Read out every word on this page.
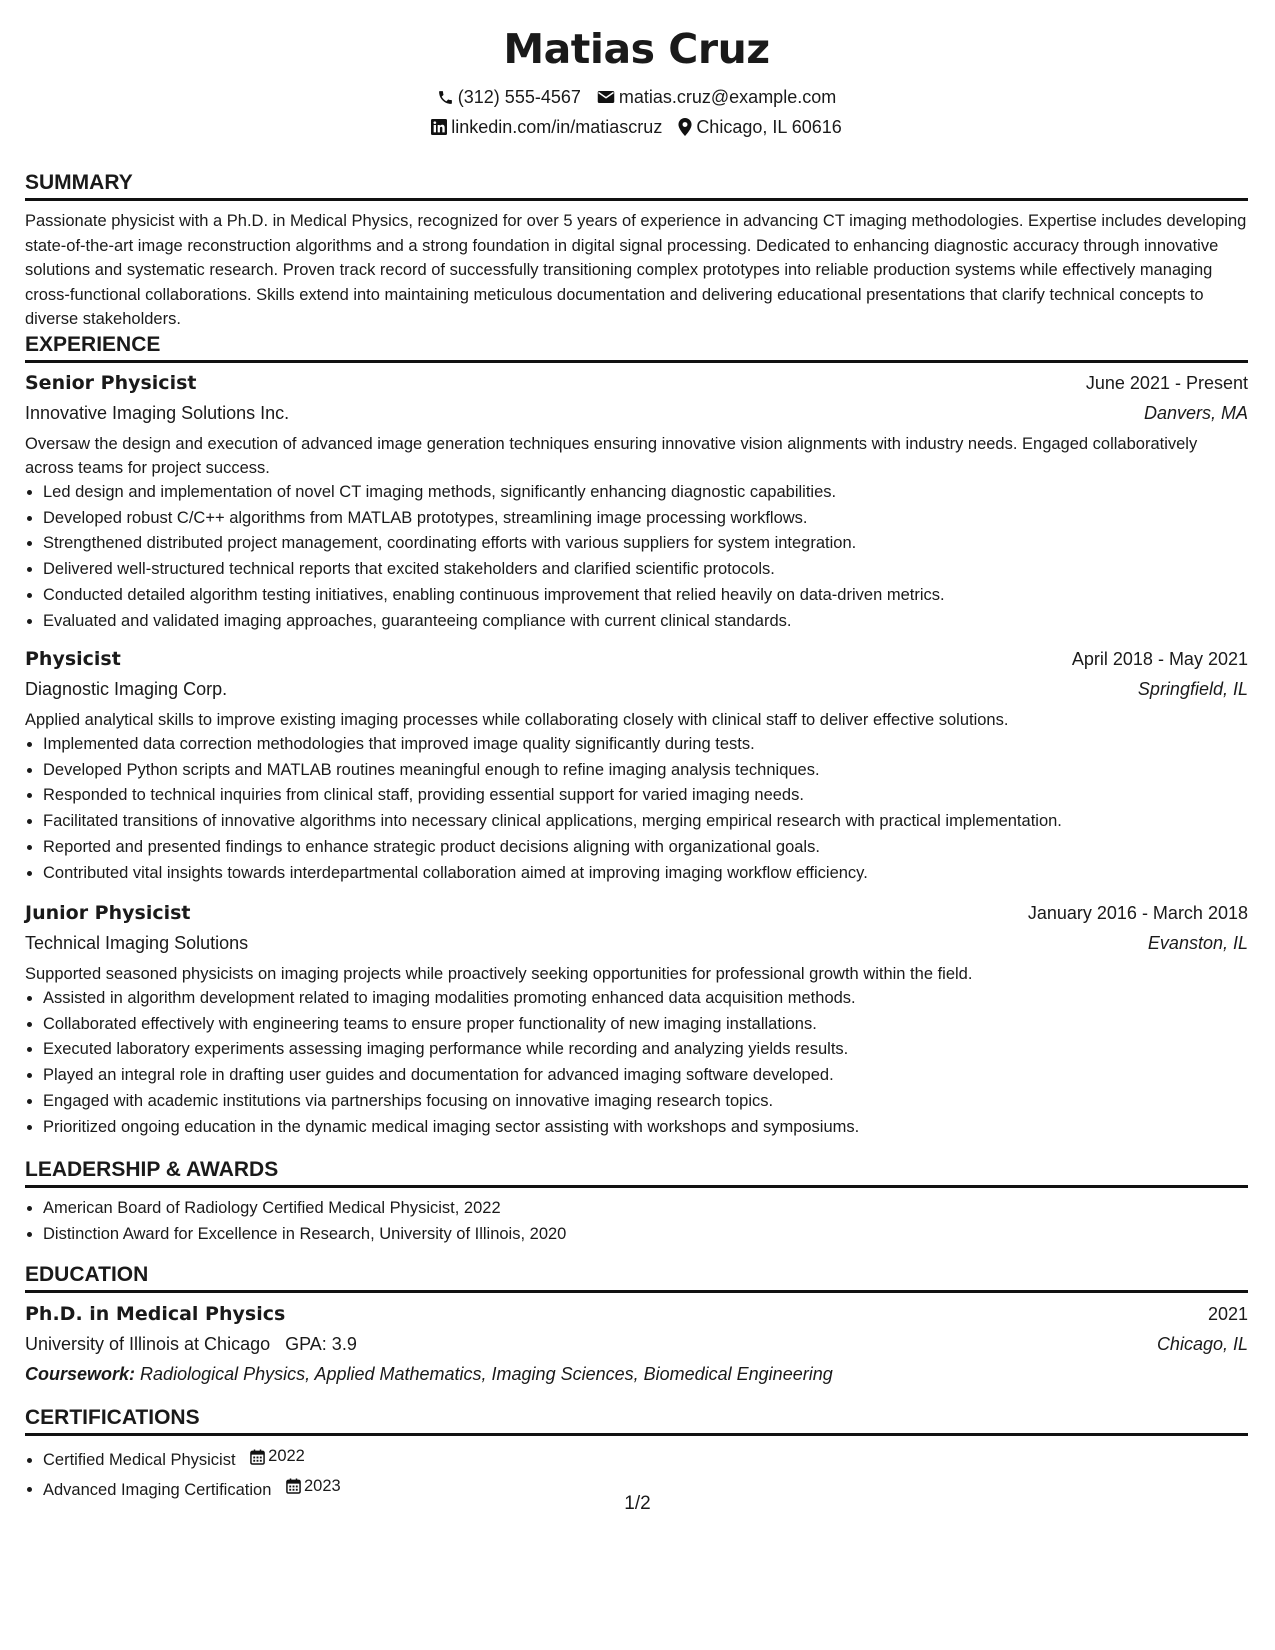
Matias Cruz
(312) 555-4567 matias.cruz@example.com
linkedin.com/in/matiascruz Chicago, IL 60616
SUMMARY

Passionate physicist with a Ph.D. in Medical Physics, recognized for over 5 years of experience in advancing CT imaging methodologies. Expertise includes developing state-of-the-art image reconstruction algorithms and a strong foundation in digital signal processing. Dedicated to enhancing diagnostic accuracy through innovative solutions and systematic research. Proven track record of successfully transitioning complex prototypes into reliable production systems while effectively managing cross-functional collaborations. Skills extend into maintaining meticulous documentation and delivering educational presentations that clarify technical concepts to diverse stakeholders.

EXPERIENCE
Senior Physicist	June 2021 - Present
Innovative Imaging Solutions Inc.	Danvers, MA
Oversaw the design and execution of advanced image generation techniques ensuring innovative vision alignments with industry needs. Engaged collaboratively across teams for project success.
• Led design and implementation of novel CT imaging methods, significantly enhancing diagnostic capabilities.
• Developed robust C/C++ algorithms from MATLAB prototypes, streamlining image processing workflows.
• Strengthened distributed project management, coordinating efforts with various suppliers for system integration.
• Delivered well-structured technical reports that excited stakeholders and clarified scientific protocols.
• Conducted detailed algorithm testing initiatives, enabling continuous improvement that relied heavily on data-driven metrics.
• Evaluated and validated imaging approaches, guaranteeing compliance with current clinical standards.
Physicist	April 2018 - May 2021
Diagnostic Imaging Corp.	Springfield, IL
Applied analytical skills to improve existing imaging processes while collaborating closely with clinical staff to deliver effective solutions.
• Implemented data correction methodologies that improved image quality significantly during tests.
• Developed Python scripts and MATLAB routines meaningful enough to refine imaging analysis techniques.
• Responded to technical inquiries from clinical staff, providing essential support for varied imaging needs.
• Facilitated transitions of innovative algorithms into necessary clinical applications, merging empirical research with practical implementation.
• Reported and presented findings to enhance strategic product decisions aligning with organizational goals.
• Contributed vital insights towards interdepartmental collaboration aimed at improving imaging workflow efficiency.
Junior Physicist	January 2016 - March 2018
Technical Imaging Solutions	Evanston, IL
Supported seasoned physicists on imaging projects while proactively seeking opportunities for professional growth within the field.
• Assisted in algorithm development related to imaging modalities promoting enhanced data acquisition methods.
• Collaborated effectively with engineering teams to ensure proper functionality of new imaging installations.
• Executed laboratory experiments assessing imaging performance while recording and analyzing yields results.
• Played an integral role in drafting user guides and documentation for advanced imaging software developed.
• Engaged with academic institutions via partnerships focusing on innovative imaging research topics.
• Prioritized ongoing education in the dynamic medical imaging sector assisting with workshops and symposiums.
LEADERSHIP & AWARDS
• American Board of Radiology Certified Medical Physicist, 2022
• Distinction Award for Excellence in Research, University of Illinois, 2020
EDUCATION
Ph.D. in Medical Physics	2021
University of Illinois at Chicago GPA: 3.9	Chicago, IL
Coursework: Radiological Physics, Applied Mathematics, Imaging Sciences, Biomedical Engineering
CERTIFICATIONS
• Certified Medical Physicist 2022
• Advanced Imaging Certification 2023
1/2
